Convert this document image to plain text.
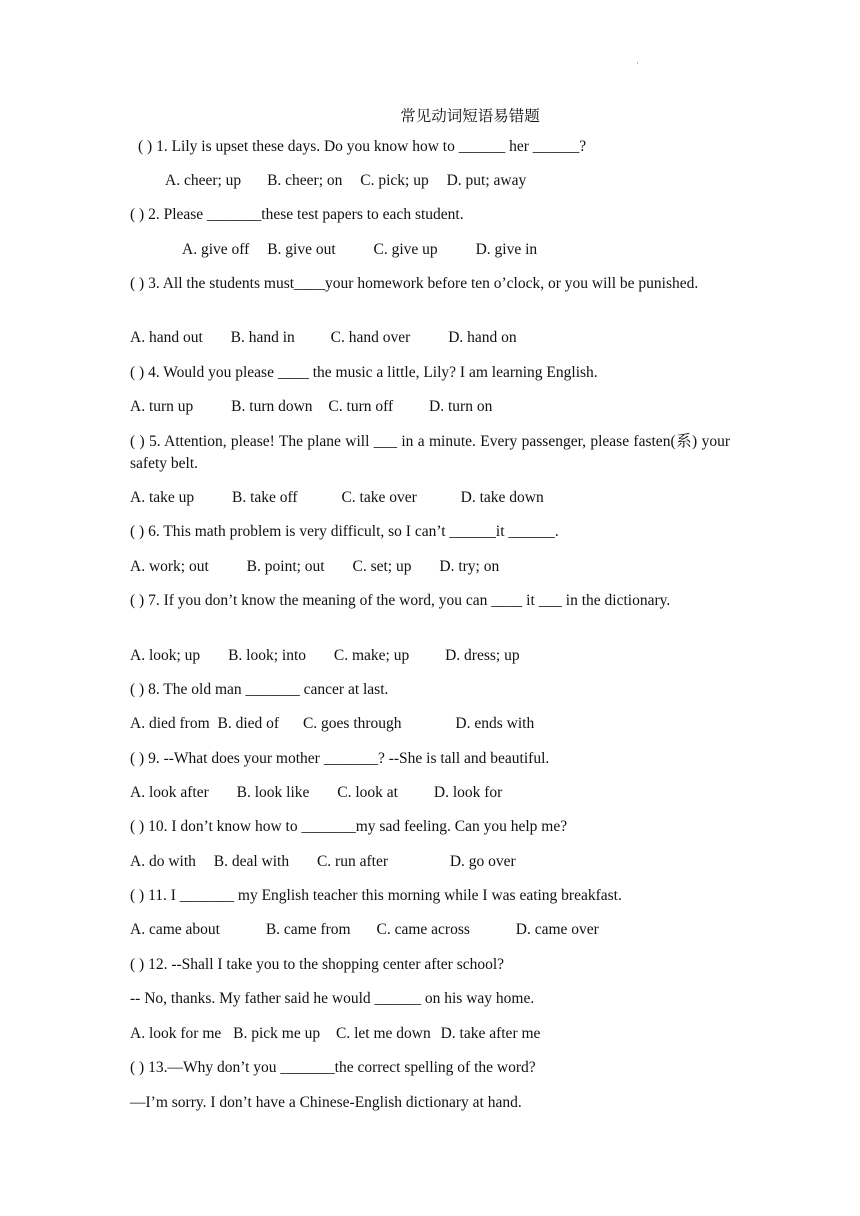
·
常见动词短语易错题
( ) 1. Lily is upset these days. Do you know how to ______ her ______?
A. cheer; up B. cheer; on C. pick; up D. put; away
( ) 2. Please _______these test papers to each student.
A. give off B. give out C. give up D. give in
( ) 3. All the students must____your homework before ten o’clock, or you will be punished.
A. hand out B. hand in C. hand over D. hand on
( ) 4. Would you please ____ the music a little, Lily? I am learning English.
A. turn up B. turn down C. turn off D. turn on
( ) 5. Attention, please! The plane will ___ in a minute. Every passenger, please fasten(系) your safety belt.
A. take up B. take off	C. take over	D. take down
( ) 6. This math problem is very difficult, so I can’t ______it ______.
A. work; out B. point; out C. set; up D. try; on
( ) 7. If you don’t know the meaning of the word, you can ____ it ___ in the dictionary.
A. look; up B. look; into C. make; up D. dress; up
( ) 8. The old man _______ cancer at last.
A. died from B. died of C. goes through	D. ends with
( ) 9. --What does your mother _______? --She is tall and beautiful.
A. look after B. look like C. look at D. look for
( ) 10. I don’t know how to _______my sad feeling. Can you help me?
A. do with B. deal with C. run after	D. go over
( ) 11. I _______ my English teacher this morning while I was eating breakfast.
A. came about	B. came from C. came across	D. came over
( ) 12. --Shall I take you to the shopping center after school?
-- No, thanks. My father said he would ______ on his way home.
A. look for me B. pick me up C. let me down D. take after me
( ) 13.—Why don’t you _______the correct spelling of the word?
—I’m sorry. I don’t have a Chinese-English dictionary at hand.
